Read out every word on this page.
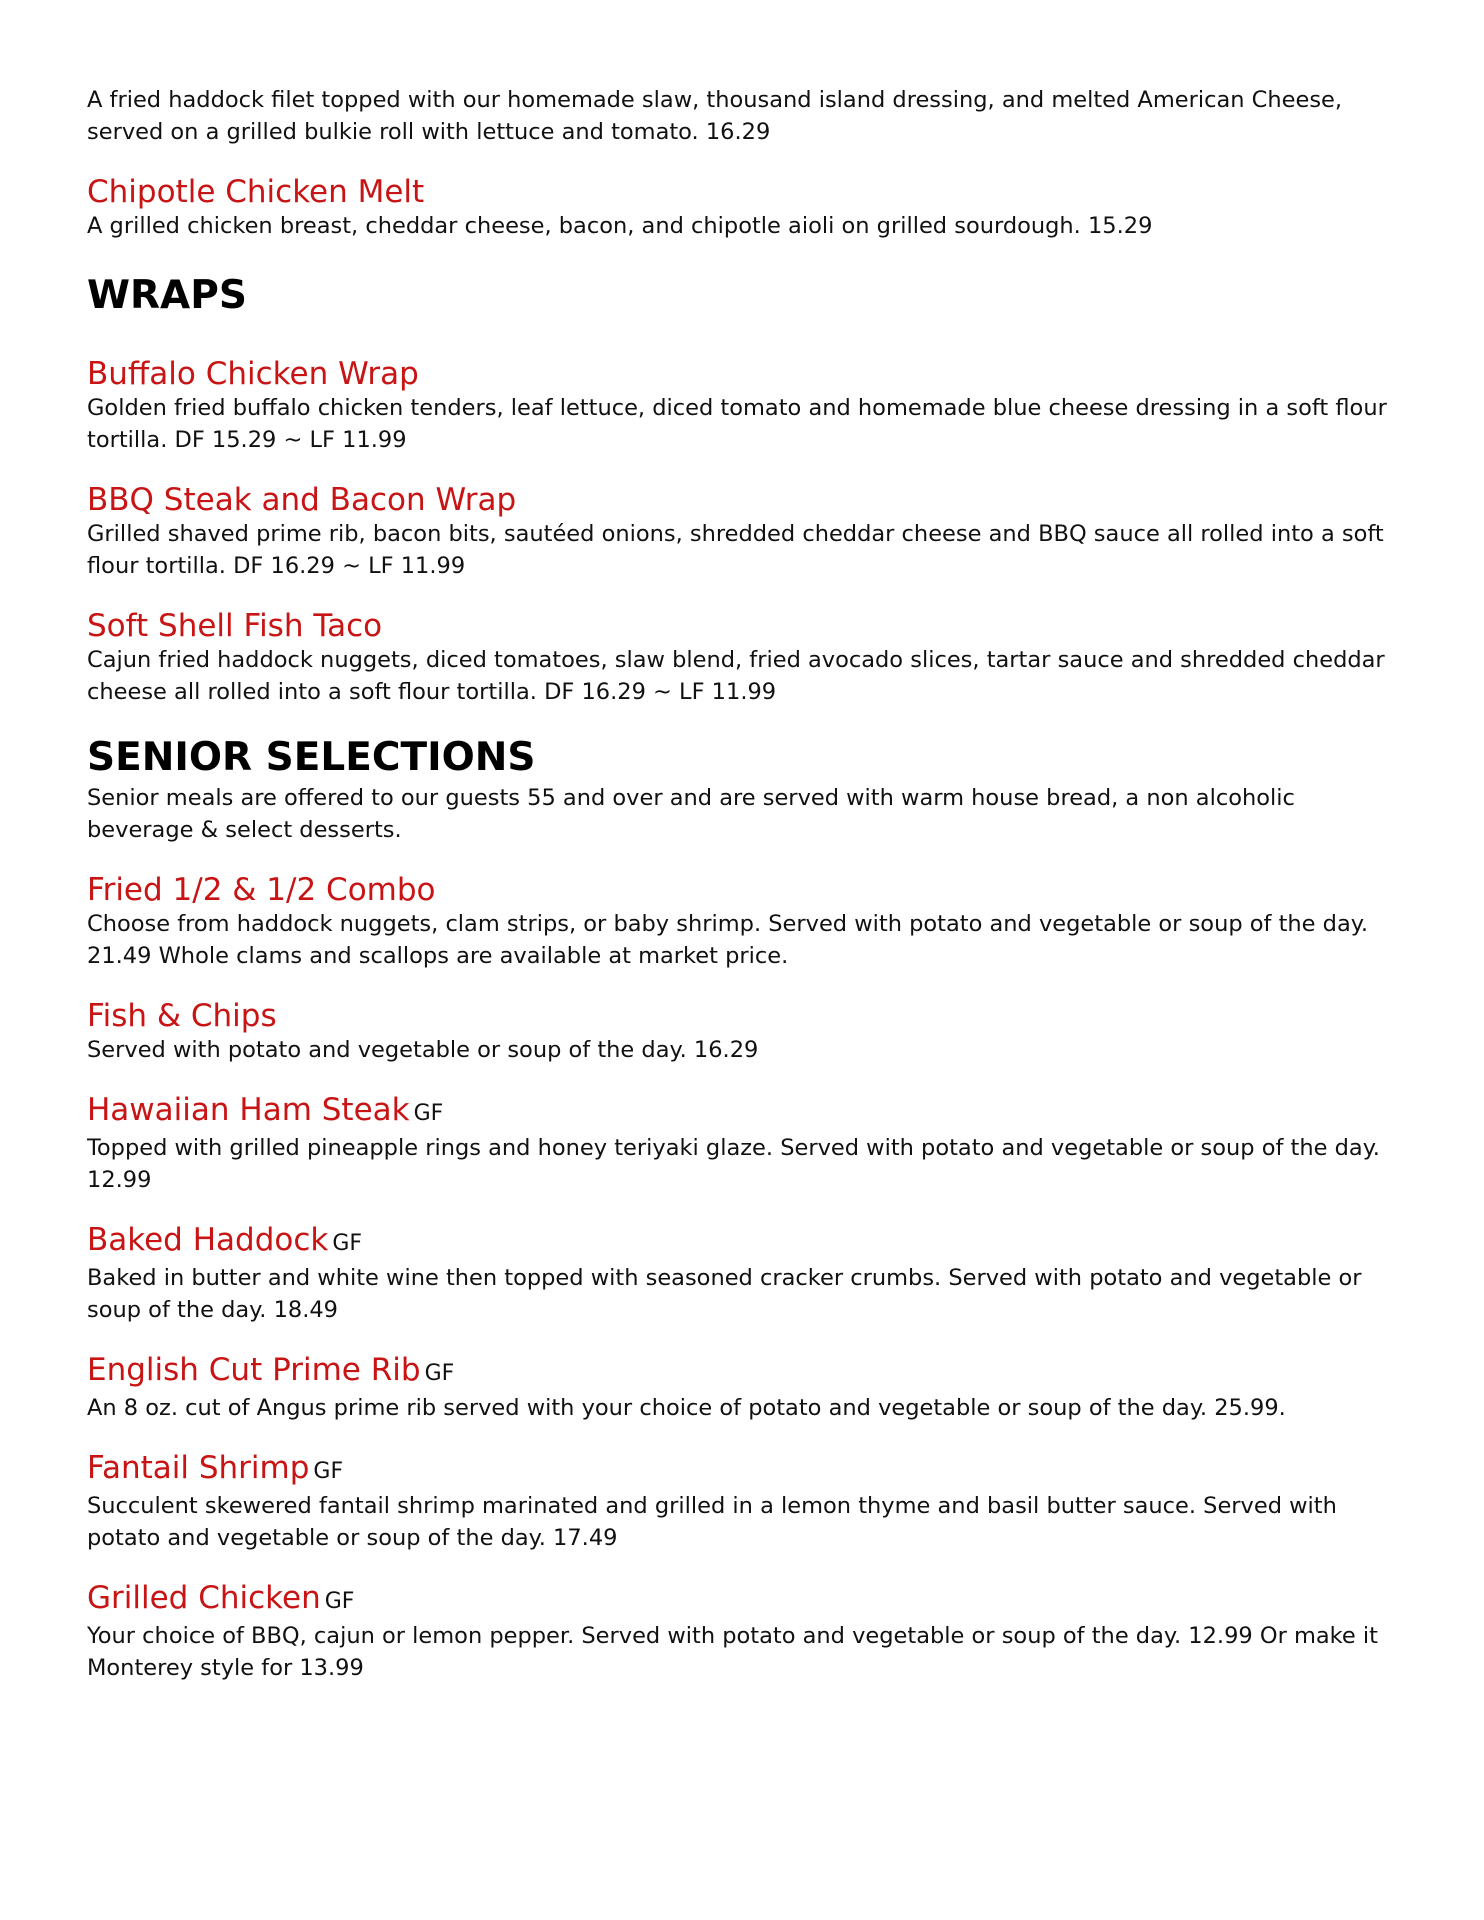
A fried haddock filet topped with our homemade slaw, thousand island dressing, and melted American Cheese, served on a grilled bulkie roll with lettuce and tomato. 16.29

Chipotle Chicken Melt

A grilled chicken breast, cheddar cheese, bacon, and chipotle aioli on grilled sourdough. 15.29

WRAPS
Buffalo Chicken Wrap

Golden fried buffalo chicken tenders, leaf lettuce, diced tomato and homemade blue cheese dressing in a soft flour tortilla. DF 15.29 ~ LF 11.99

BBQ Steak and Bacon Wrap

Grilled shaved prime rib, bacon bits, sautéed onions, shredded cheddar cheese and BBQ sauce all rolled into a soft flour tortilla. DF 16.29 ~ LF 11.99

Soft Shell Fish Taco

Cajun fried haddock nuggets, diced tomatoes, slaw blend, fried avocado slices, tartar sauce and shredded cheddar cheese all rolled into a soft flour tortilla. DF 16.29 ~ LF 11.99

SENIOR SELECTIONS

Senior meals are offered to our guests 55 and over and are served with warm house bread, a non alcoholic beverage & select desserts.

Fried 1/2 & 1/2 Combo

Choose from haddock nuggets, clam strips, or baby shrimp. Served with potato and vegetable or soup of the day. 21.49 Whole clams and scallops are available at market price.

Fish & Chips

Served with potato and vegetable or soup of the day. 16.29

Hawaiian Ham Steak GF

Topped with grilled pineapple rings and honey teriyaki glaze. Served with potato and vegetable or soup of the day. 12.99

Baked Haddock GF

Baked in butter and white wine then topped with seasoned cracker crumbs. Served with potato and vegetable or soup of the day. 18.49

English Cut Prime Rib GF

An 8 oz. cut of Angus prime rib served with your choice of potato and vegetable or soup of the day. 25.99.

Fantail Shrimp GF

Succulent skewered fantail shrimp marinated and grilled in a lemon thyme and basil butter sauce. Served with potato and vegetable or soup of the day. 17.49

Grilled Chicken GF

Your choice of BBQ, cajun or lemon pepper. Served with potato and vegetable or soup of the day. 12.99 Or make it Monterey style for 13.99
